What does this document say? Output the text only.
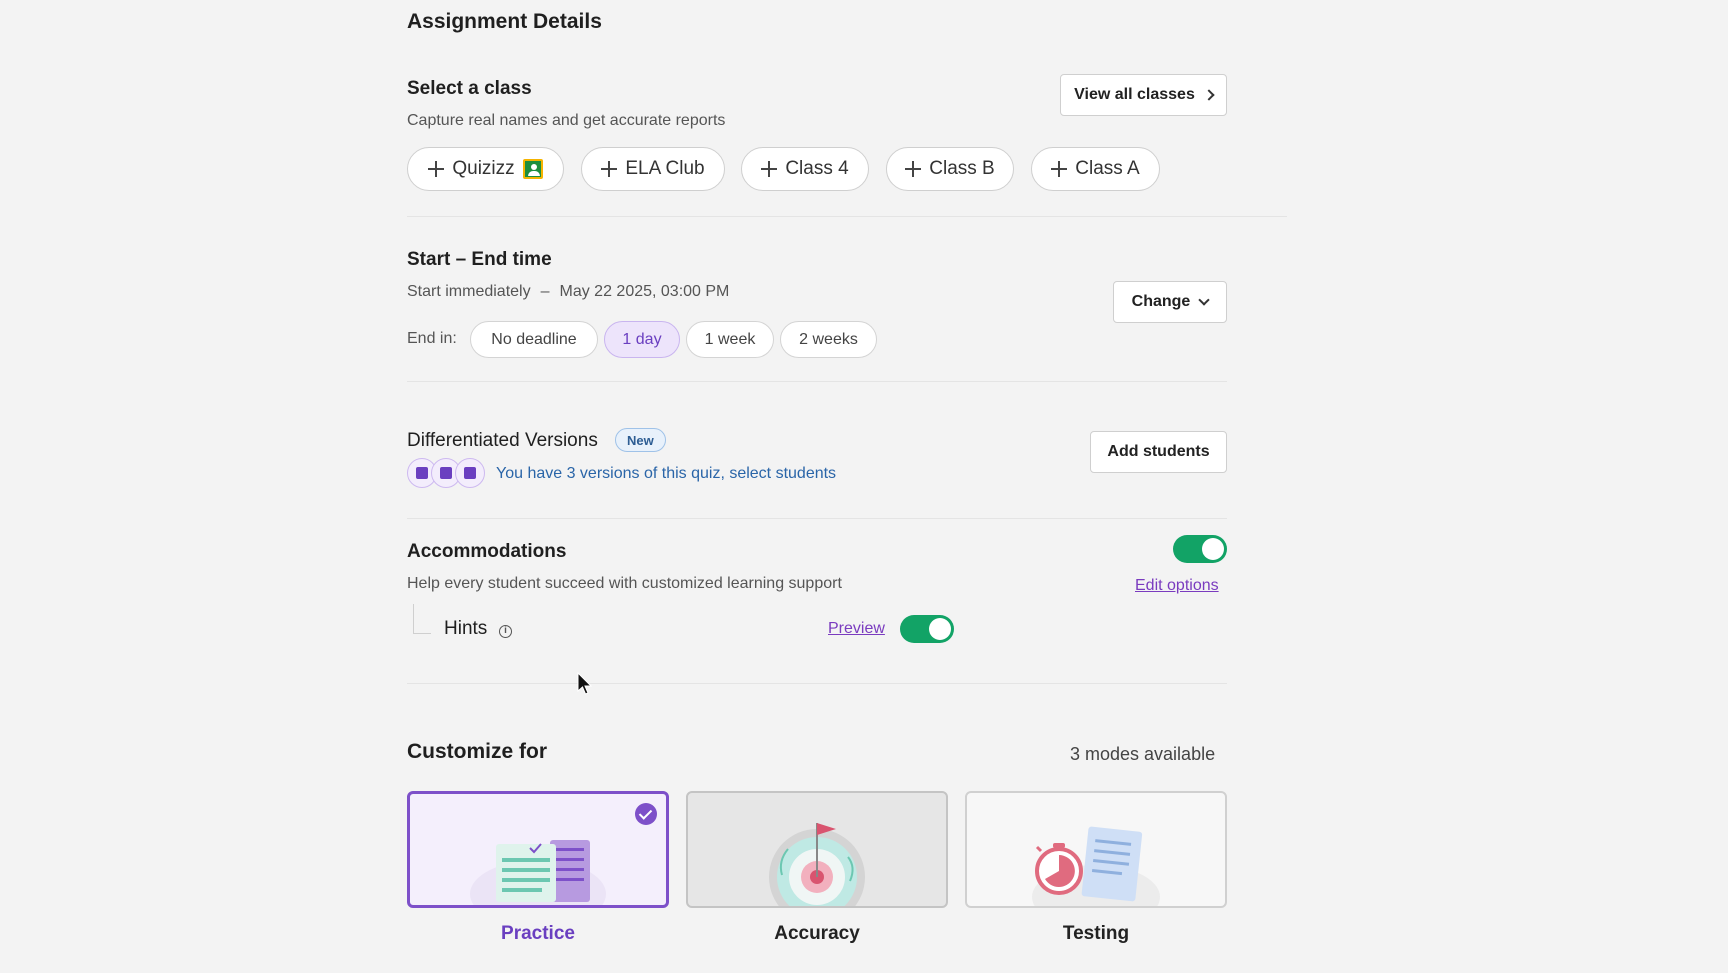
Assignment Details
Select a class
Capture real names and get accurate reports
View all classes
Quizizz	ELA Club	Class 4	Class B	Class A
Start – End time
Start immediately – May 22 2025, 03:00 PM
Change
End in:	No deadline	1 day	1 week	2 weeks
Differentiated Versions	New
You have 3 versions of this quiz, select students
Add students
Accommodations
Help every student succeed with customized learning support	Edit options
Hints	i	Preview
Customize for	3 modes available
Practice	Accuracy	Testing
